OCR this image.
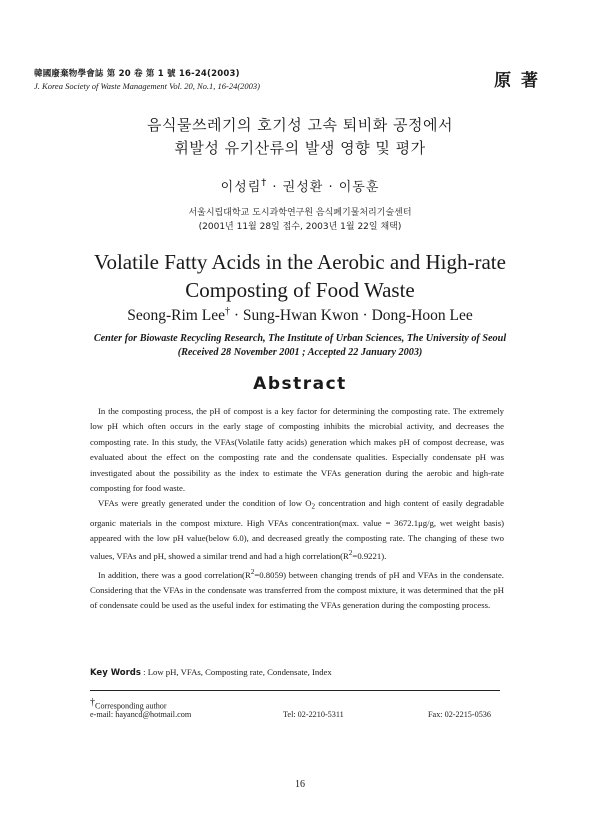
韓國廢棄物學會誌 第 20 卷 第 1 號 16-24(2003)
J. Korea Society of Waste Management Vol. 20, No.1, 16-24(2003)	原 著
음식물쓰레기의 호기성 고속 퇴비화 공정에서
휘발성 유기산류의 발생 영향 및 평가
이성림† · 권성환 · 이동훈
서울시립대학교 도시과학연구원 음식폐기물처리기술센터
(2001년 11월 28일 접수, 2003년 1월 22일 채택)
Volatile Fatty Acids in the Aerobic and High-rate
Composting of Food Waste
Seong-Rim Lee† · Sung-Hwan Kwon · Dong-Hoon Lee
Center for Biowaste Recycling Research, The Institute of Urban Sciences, The University of Seoul
(Received 28 November 2001 ; Accepted 22 January 2003)
Abstract

In the composting process, the pH of compost is a key factor for determining the composting rate. The extremely low pH which often occurs in the early stage of composting inhibits the microbial activity, and decreases the composting rate. In this study, the VFAs(Volatile fatty acids) generation which makes pH of compost decrease, was evaluated about the effect on the composting rate and the condensate qualities. Especially condensate pH was investigated about the possibility as the index to estimate the VFAs generation during the aerobic and high-rate composting for food waste.

VFAs were greatly generated under the condition of low $O_2$ concentration and high content of easily degradable organic materials in the compost mixture. High VFAs concentration(max. value = 3672.1μg/g, wet weight basis) appeared with the low pH value(below 6.0), and decreased greatly the composting rate. The changing of these two values, VFAs and pH, showed a similar trend and had a high $correlation(R^2=0.9221)$.

In addition, there was a good $correlation(R^2=0.8059)$ between changing trends of pH and VFAs in the condensate. Considering that the VFAs in the condensate was transferred from the compost mixture, it was determined that the pH of condensate could be used as the useful index for estimating the VFAs generation during the composting process.

Key Words : Low pH, VFAs, Composting rate, Condensate, Index
†Corresponding author
e-mail: hayancd@hotmail.com	Tel: 02-2210-5311	Fax: 02-2215-0536
16
